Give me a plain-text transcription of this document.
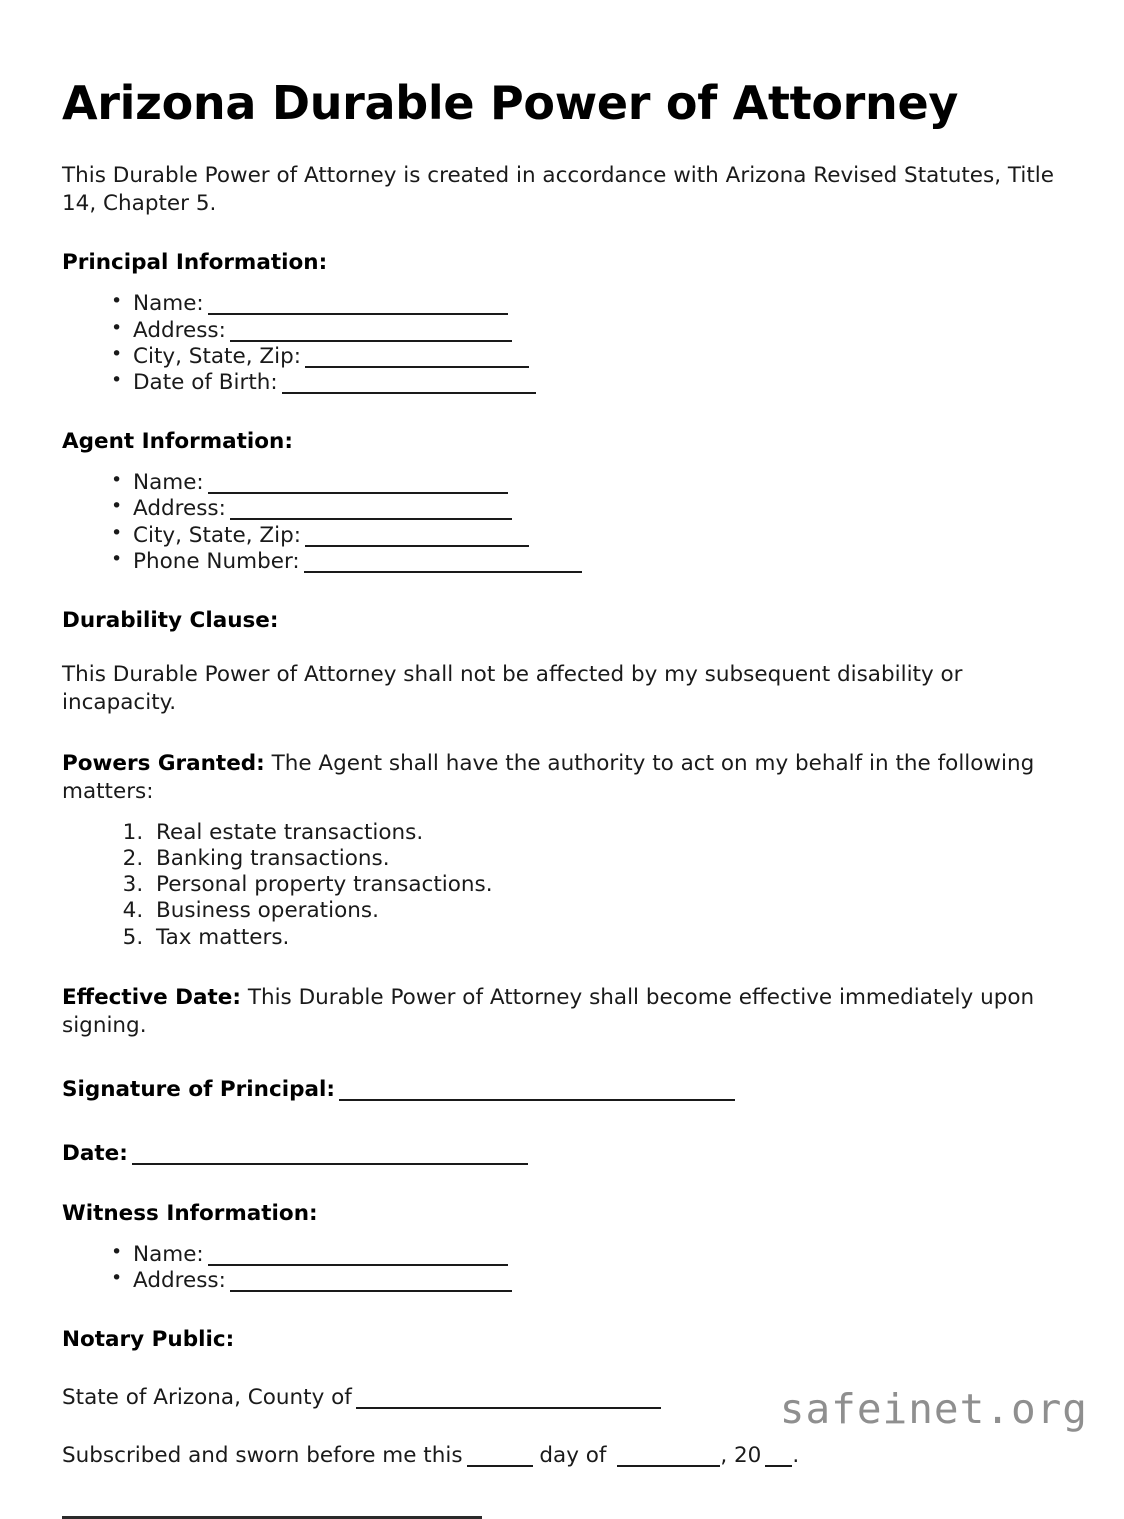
Arizona Durable Power of Attorney

This Durable Power of Attorney is created in accordance with Arizona Revised Statutes, Title 14, Chapter 5.

Principal Information:
• Name:
• Address:
• City, State, Zip:
• Date of Birth:
Agent Information:
• Name:
• Address:
• City, State, Zip:
• Phone Number:
Durability Clause:

This Durable Power of Attorney shall not be affected by my subsequent disability or incapacity.

Powers Granted: The Agent shall have the authority to act on my behalf in the following matters:

1. Real estate transactions.
2. Banking transactions.
3. Personal property transactions.
4. Business operations.
5. Tax matters.

Effective Date: This Durable Power of Attorney shall become effective immediately upon signing.

Signature of Principal:
Date:
Witness Information:
• Name:
• Address:
Notary Public:
State of Arizona, County of
Subscribed and sworn before me this	day of	, 20 .
safeinet.org
